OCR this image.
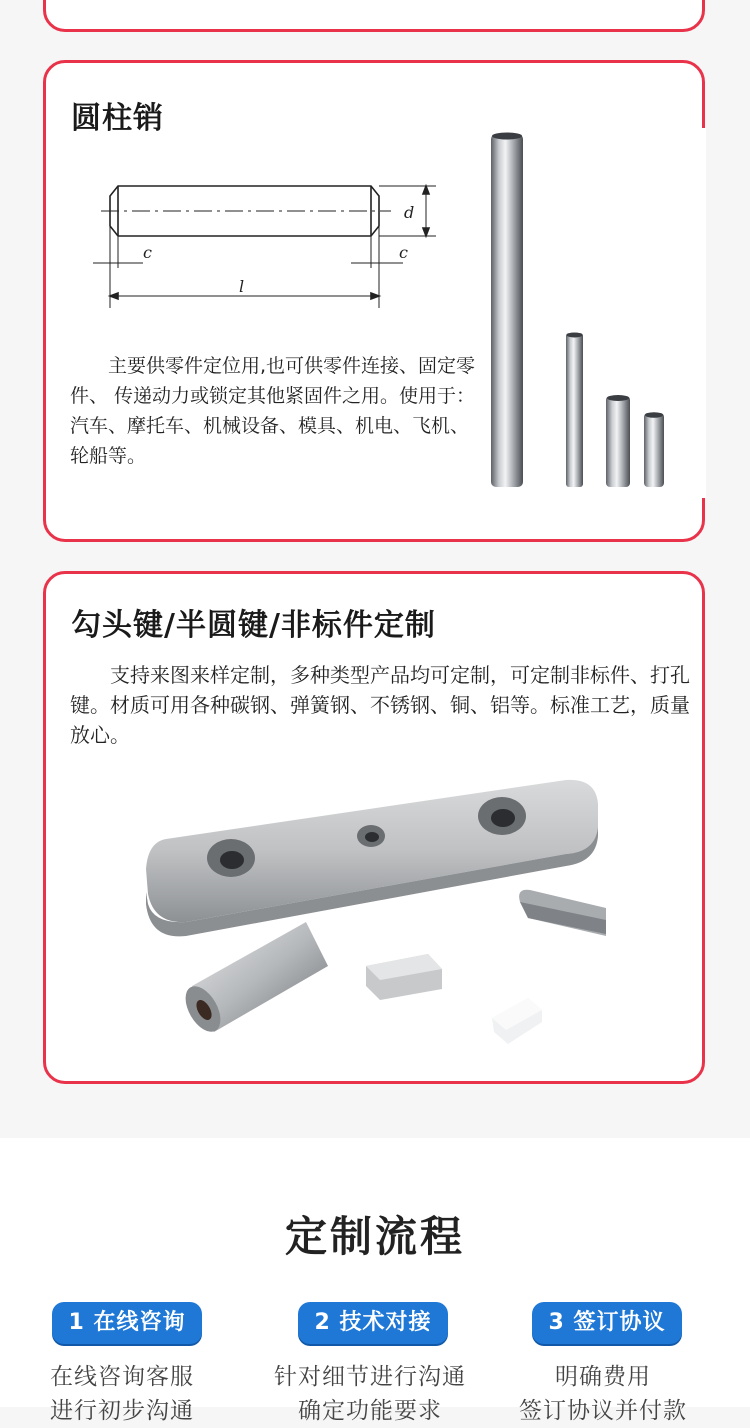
圆柱销
c	c
d
l
主要供零件定位用,也可供零件连接、固定零件、 传递动力或锁定其他紧固件之用。使用于：汽车、摩托车、机械设备、模具、机电、飞机、轮船等。
勾头键/半圆键/非标件定制
支持来图来样定制，多种类型产品均可定制，可定制非标件、打孔键。材质可用各种碳钢、弹簧钢、不锈钢、铜、铝等。标准工艺，质量放心。
定制流程
1 在线咨询	2 技术对接	3 签订协议
在线咨询客服
进行初步沟通
针对细节进行沟通
确定功能要求
明确费用
签订协议并付款
